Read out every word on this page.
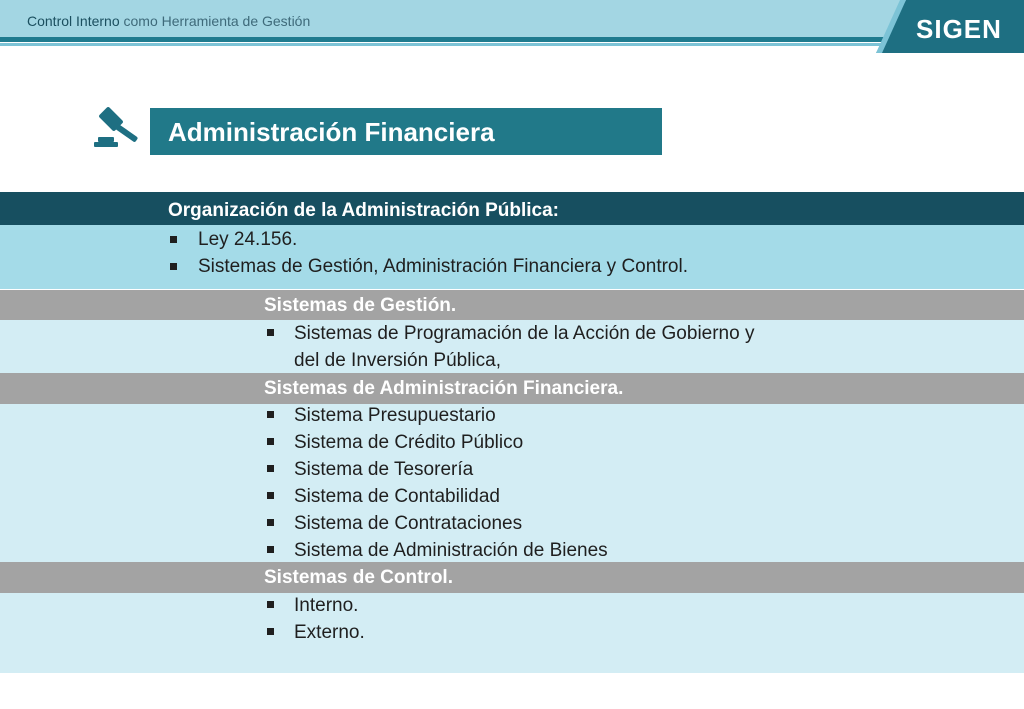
Control Interno como Herramienta de Gestión	SIGEN
Administración Financiera
Organización de la Administración Pública:
Ley 24.156.
Sistemas de Gestión, Administración Financiera y Control.
Sistemas de Gestión.
Sistemas de Programación de la Acción de Gobierno y
del de Inversión Pública,
Sistemas de Administración Financiera.
Sistema Presupuestario
Sistema de Crédito Público
Sistema de Tesorería
Sistema de Contabilidad
Sistema de Contrataciones
Sistema de Administración de Bienes
Sistemas de Control.
Interno.
Externo.
